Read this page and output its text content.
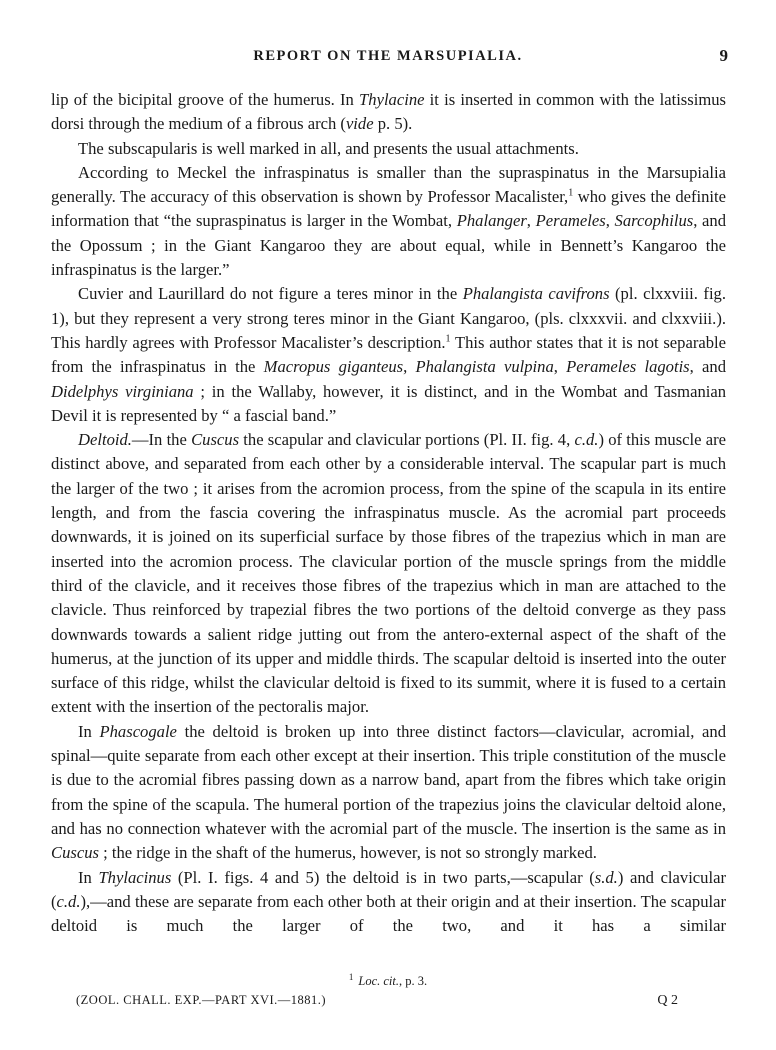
REPORT ON THE MARSUPIALIA.	9

lip of the bicipital groove of the humerus. In Thylacine it is inserted in common with the latissimus dorsi through the medium of a fibrous arch (vide p. 5).

The subscapularis is well marked in all, and presents the usual attachments.

According to Meckel the infraspinatus is smaller than the supraspinatus in the Marsupialia generally. The accuracy of this observation is shown by Professor Macalister,$^1$ who gives the definite information that “the supraspinatus is larger in the Wombat, Phalanger, Perameles, Sarcophilus, and the Opossum ; in the Giant Kangaroo they are about equal, while in Bennett’s Kangaroo the infraspinatus is the larger.”

Cuvier and Laurillard do not figure a teres minor in the Phalangista cavifrons (pl. clxxviii. fig. 1), but they represent a very strong teres minor in the Giant Kangaroo, (pls. clxxxvii. and clxxviii.). This hardly agrees with Professor Macalister’s description.$^1$ This author states that it is not separable from the infraspinatus in the Macropus giganteus, Phalangista vulpina, Perameles lagotis, and Didelphys virginiana ; in the Wallaby, however, it is distinct, and in the Wombat and Tasmanian Devil it is represented by “ a fascial band.”

Deltoid.—In the Cuscus the scapular and clavicular portions (Pl. II. fig. 4, c.d.) of this muscle are distinct above, and separated from each other by a considerable interval. The scapular part is much the larger of the two ; it arises from the acromion process, from the spine of the scapula in its entire length, and from the fascia covering the infraspinatus muscle. As the acromial part proceeds downwards, it is joined on its superficial surface by those fibres of the trapezius which in man are inserted into the acromion process. The clavicular portion of the muscle springs from the middle third of the clavicle, and it receives those fibres of the trapezius which in man are attached to the clavicle. Thus reinforced by trapezial fibres the two portions of the deltoid converge as they pass downwards towards a salient ridge jutting out from the antero-external aspect of the shaft of the humerus, at the junction of its upper and middle thirds. The scapular deltoid is inserted into the outer surface of this ridge, whilst the clavicular deltoid is fixed to its summit, where it is fused to a certain extent with the insertion of the pectoralis major.

In Phascogale the deltoid is broken up into three distinct factors—clavicular, acromial, and spinal—quite separate from each other except at their insertion. This triple constitution of the muscle is due to the acromial fibres passing down as a narrow band, apart from the fibres which take origin from the spine of the scapula. The humeral portion of the trapezius joins the clavicular deltoid alone, and has no connection whatever with the acromial part of the muscle. The insertion is the same as in Cuscus ; the ridge in the shaft of the humerus, however, is not so strongly marked.

In Thylacinus (Pl. I. figs. 4 and 5) the deltoid is in two parts,—scapular (s.d.) and clavicular (c.d.),—and these are separate from each other both at their origin and at their insertion. The scapular deltoid is much the larger of the two, and it has a similar

$^1$ Loc. cit., p. 3.
(ZOOL. CHALL. EXP.—PART XVI.—1881.)	Q 2
